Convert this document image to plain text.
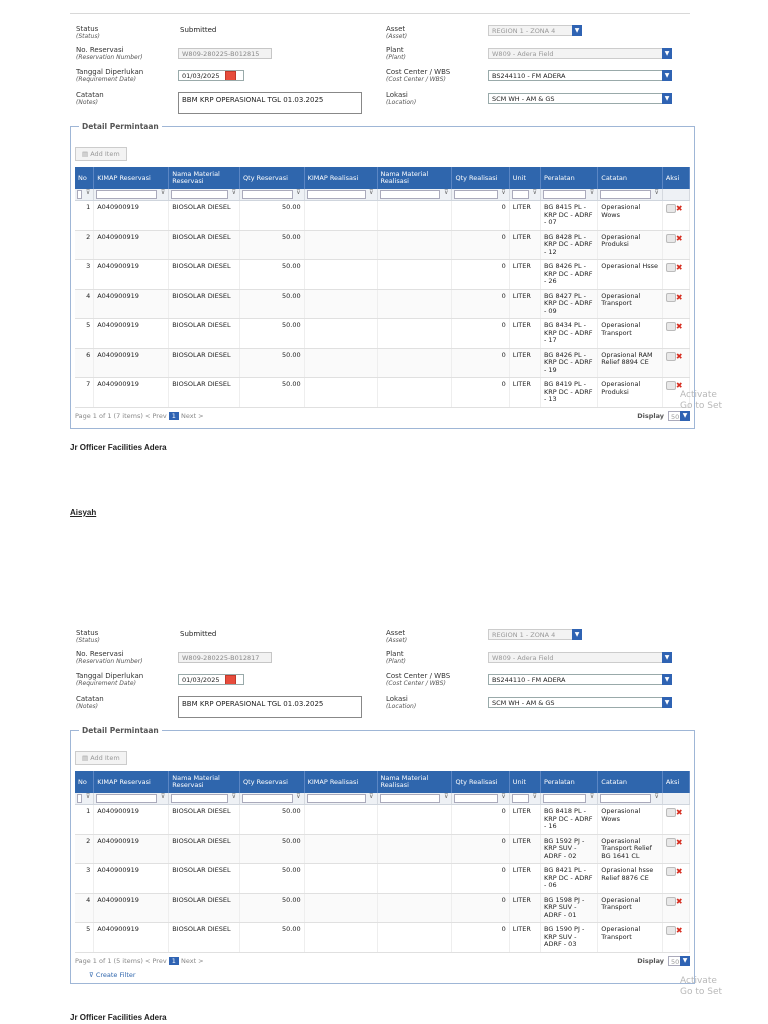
Status
(Status)
Submitted
No. Reservasi
(Reservation Number)	W809-280225-B012815
Tanggal Diperlukan
(Requirement Date)	01/03/2025
Catatan
(Notes)	BBM KRP OPERASIONAL TGL 01.03.2025
Asset
(Asset)
REGION 1 - ZONA 4	▼
Plant
(Plant)	W809 - Adera Field	▼
Cost Center / WBS
(Cost Center / WBS)	BS244110 - FM ADERA	▼
Lokasi
(Location)	SCM WH - AM & GS	▼
Detail Permintaan
▤ Add Item
No	KIMAP Reservasi	Nama Material Reservasi	Qty Reservasi	KIMAP Realisasi	Nama Material Realisasi	Qty Realisasi	Unit	Peralatan	Catatan	Aksi

⊽

⊽

⊽

⊽

⊽

⊽

⊽

⊽

⊽

⊽

1	A040900919	BIOSOLAR DIESEL	50.00			0	LITER	BG 8415 PL - KRP DC - ADRF - 07	Operasional Wows	✖
2	A040900919	BIOSOLAR DIESEL	50.00			0	LITER	BG 8428 PL - KRP DC - ADRF - 12	Operasional Produksi	✖
3	A040900919	BIOSOLAR DIESEL	50.00			0	LITER	BG 8426 PL - KRP DC - ADRF - 26	Operasional Hsse	✖
4	A040900919	BIOSOLAR DIESEL	50.00			0	LITER	BG 8427 PL - KRP DC - ADRF - 09	Operasional Transport	✖
5	A040900919	BIOSOLAR DIESEL	50.00			0	LITER	BG 8434 PL - KRP DC - ADRF - 17	Operasional Transport	✖
6	A040900919	BIOSOLAR DIESEL	50.00			0	LITER	BG 8426 PL - KRP DC - ADRF - 19	Oprasional RAM Relief 8894 CE	✖
7	A040900919	BIOSOLAR DIESEL	50.00			0	LITER	BG 8419 PL - KRP DC - ADRF - 13	Operasional Produksi	✖
Page 1 of 1 (7 items) < Prev 1 Next >	Display 50 ▼
Jr Officer Facilities Adera
Aisyah
Status
(Status)
Submitted
No. Reservasi
(Reservation Number)	W809-280225-B012817
Tanggal Diperlukan
(Requirement Date)	01/03/2025
Catatan
(Notes)	BBM KRP OPERASIONAL TGL 01.03.2025
Asset
(Asset)
REGION 1 - ZONA 4	▼
Plant
(Plant)	W809 - Adera Field	▼
Cost Center / WBS
(Cost Center / WBS)	BS244110 - FM ADERA	▼
Lokasi
(Location)	SCM WH - AM & GS	▼
Detail Permintaan
▤ Add Item
No	KIMAP Reservasi	Nama Material Reservasi	Qty Reservasi	KIMAP Realisasi	Nama Material Realisasi	Qty Realisasi	Unit	Peralatan	Catatan	Aksi

⊽

⊽

⊽

⊽

⊽

⊽

⊽

⊽

⊽

⊽

1	A040900919	BIOSOLAR DIESEL	50.00			0	LITER	BG 8418 PL - KRP DC - ADRF - 16	Operasional Wows	✖
2	A040900919	BIOSOLAR DIESEL	50.00			0	LITER	BG 1592 PJ - KRP SUV - ADRF - 02	Operasional Transport Relief BG 1641 CL	✖
3	A040900919	BIOSOLAR DIESEL	50.00			0	LITER	BG 8421 PL - KRP DC - ADRF - 06	Oprasional hsse Relief 8876 CE	✖
4	A040900919	BIOSOLAR DIESEL	50.00			0	LITER	BG 1598 PJ - KRP SUV - ADRF - 01	Operasional Transport	✖
5	A040900919	BIOSOLAR DIESEL	50.00			0	LITER	BG 1590 PJ - KRP SUV - ADRF - 03	Operasional Transport	✖
Page 1 of 1 (5 items) < Prev 1 Next >	Display 50 ▼
⊽ Create Filter
Jr Officer Facilities Adera
Activate
Go to Set
Activate
Go to Set
